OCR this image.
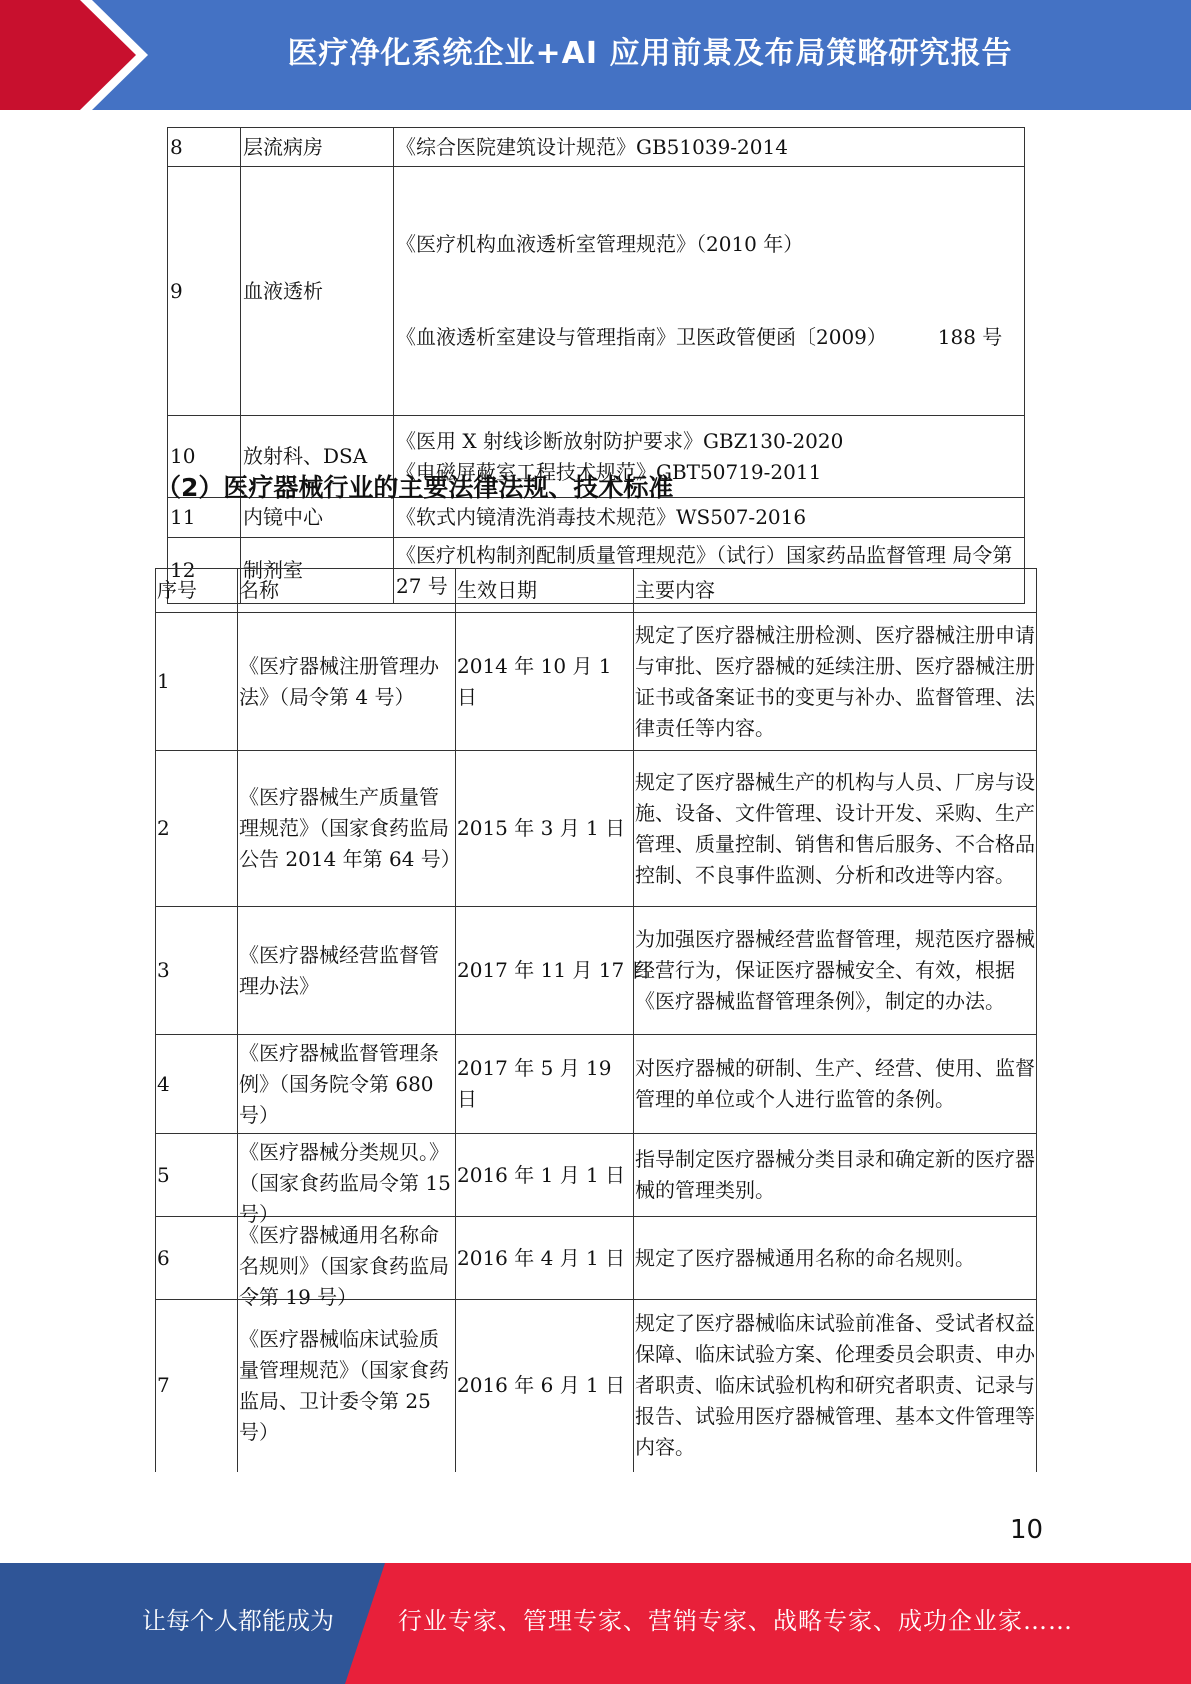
医疗净化系统企业+AI 应用前景及布局策略研究报告
8	层流病房	《综合医院建筑设计规范》GB51039-2014

9	血液透析	《医疗机构血液透析室管理规范》（2010 年）

《血液透析室建设与管理指南》卫医政管便函〔2009）        188 号

10	放射科、DSA	《医用 X 射线诊断放射防护要求》GBZ130-2020
《电磁屏蔽室工程技术规范》GBT50719-2011

11	内镜中心	《软式内镜清洗消毒技术规范》WS507-2016

12	制剂室	《医疗机构制剂配制质量管理规范》（试行）国家药品监督管理 局令第 27 号
（2）医疗器械行业的主要法律法规、技术标准
序号	名称	生效日期	主要内容
1	《医疗器械注册管理办法》（局令第 4 号）	2014 年 10 月 1 日	规定了医疗器械注册检测、医疗器械注册申请与审批、医疗器械的延续注册、医疗器械注册证书或备案证书的变更与补办、监督管理、法律责任等内容。
2	《医疗器械生产质量管理规范》（国家食药监局公告 2014 年第 64 号）	2015 年 3 月 1 日	规定了医疗器械生产的机构与人员、厂房与设施、设备、文件管理、设计开发、采购、生产管理、质量控制、销售和售后服务、不合格品控制、不良事件监测、分析和改进等内容。
3	《医疗器械经营监督管理办法》	2017 年 11 月 17 日	为加强医疗器械经营监督管理，规范医疗器械经营行为，保证医疗器械安全、有效，根据《医疗器械监督管理条例》，制定的办法。
4	《医疗器械监督管理条例》（国务院令第 680 号）	2017 年 5 月 19 日	对医疗器械的研制、生产、经营、使用、监督管理的单位或个人进行监管的条例。
5	《医疗器械分类规贝。》（国家食药监局令第 15 号）	2016 年 1 月 1 日	指导制定医疗器械分类目录和确定新的医疗器械的管理类别。
6	《医疗器械通用名称命名规则》（国家食药监局令第 19 号）	2016 年 4 月 1 日	规定了医疗器械通用名称的命名规则。
7	《医疗器械临床试验质量管理规范》（国家食药监局、卫计委令第 25 号）	2016 年 6 月 1 日	规定了医疗器械临床试验前准备、受试者权益保障、临床试验方案、伦理委员会职责、申办者职责、临床试验机构和研究者职责、记录与报告、试验用医疗器械管理、基本文件管理等内容。
10
让每个人都能成为	行业专家、管理专家、营销专家、战略专家、成功企业家……
